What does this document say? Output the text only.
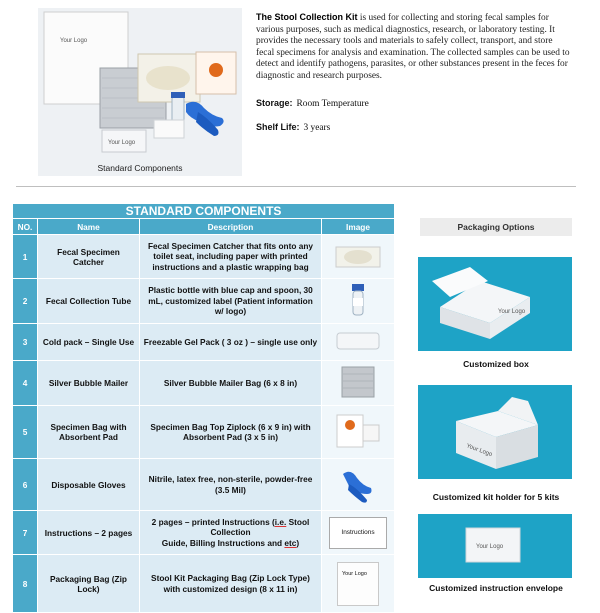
Your Logo
Your Logo
Standard Components
The Stool Collection Kit is used for collecting and storing fecal samples for various purposes, such as medical diagnostics, research, or laboratory testing. It provides the necessary tools and materials to safely collect, transport, and store fecal specimens for analysis and examination. The collected samples can be used to detect and identify pathogens, parasites, or other substances present in the feces for diagnostic and research purposes.
Storage: Room Temperature
Shelf Life: 3 years
STANDARD COMPONENTS			
NO.	Name	Description	Image
1	Fecal Specimen Catcher	Fecal Specimen Catcher that fits onto any toilet seat, including paper with printed instructions and a plastic wrapping bag	
2	Fecal Collection Tube	Plastic bottle with blue cap and spoon, 30 mL, customized label (Patient information w/ logo)	
3	Cold pack – Single Use	Freezable Gel Pack ( 3 oz ) – single use only	
4	Silver Bubble Mailer	Silver Bubble Mailer Bag (6 x 8 in)	
5	Specimen Bag with Absorbent Pad	Specimen Bag Top Ziplock (6 x 9 in) with Absorbent Pad (3 x 5 in)	
6	Disposable Gloves	Nitrile, latex free, non-sterile, powder-free (3.5 Mil)	
7	Instructions – 2 pages	2 pages – printed Instructions (i.e. Stool Collection
Guide, Billing Instructions and etc)	Instructions

8	Packaging Bag (Zip Lock)	Stool Kit Packaging Bag (Zip Lock Type) with customized design (8 x 11 in)	Your Logo
Packaging Options
Your Logo
Customized box
Your Logo
Customized kit holder for 5 kits
Your Logo
Customized instruction envelope
